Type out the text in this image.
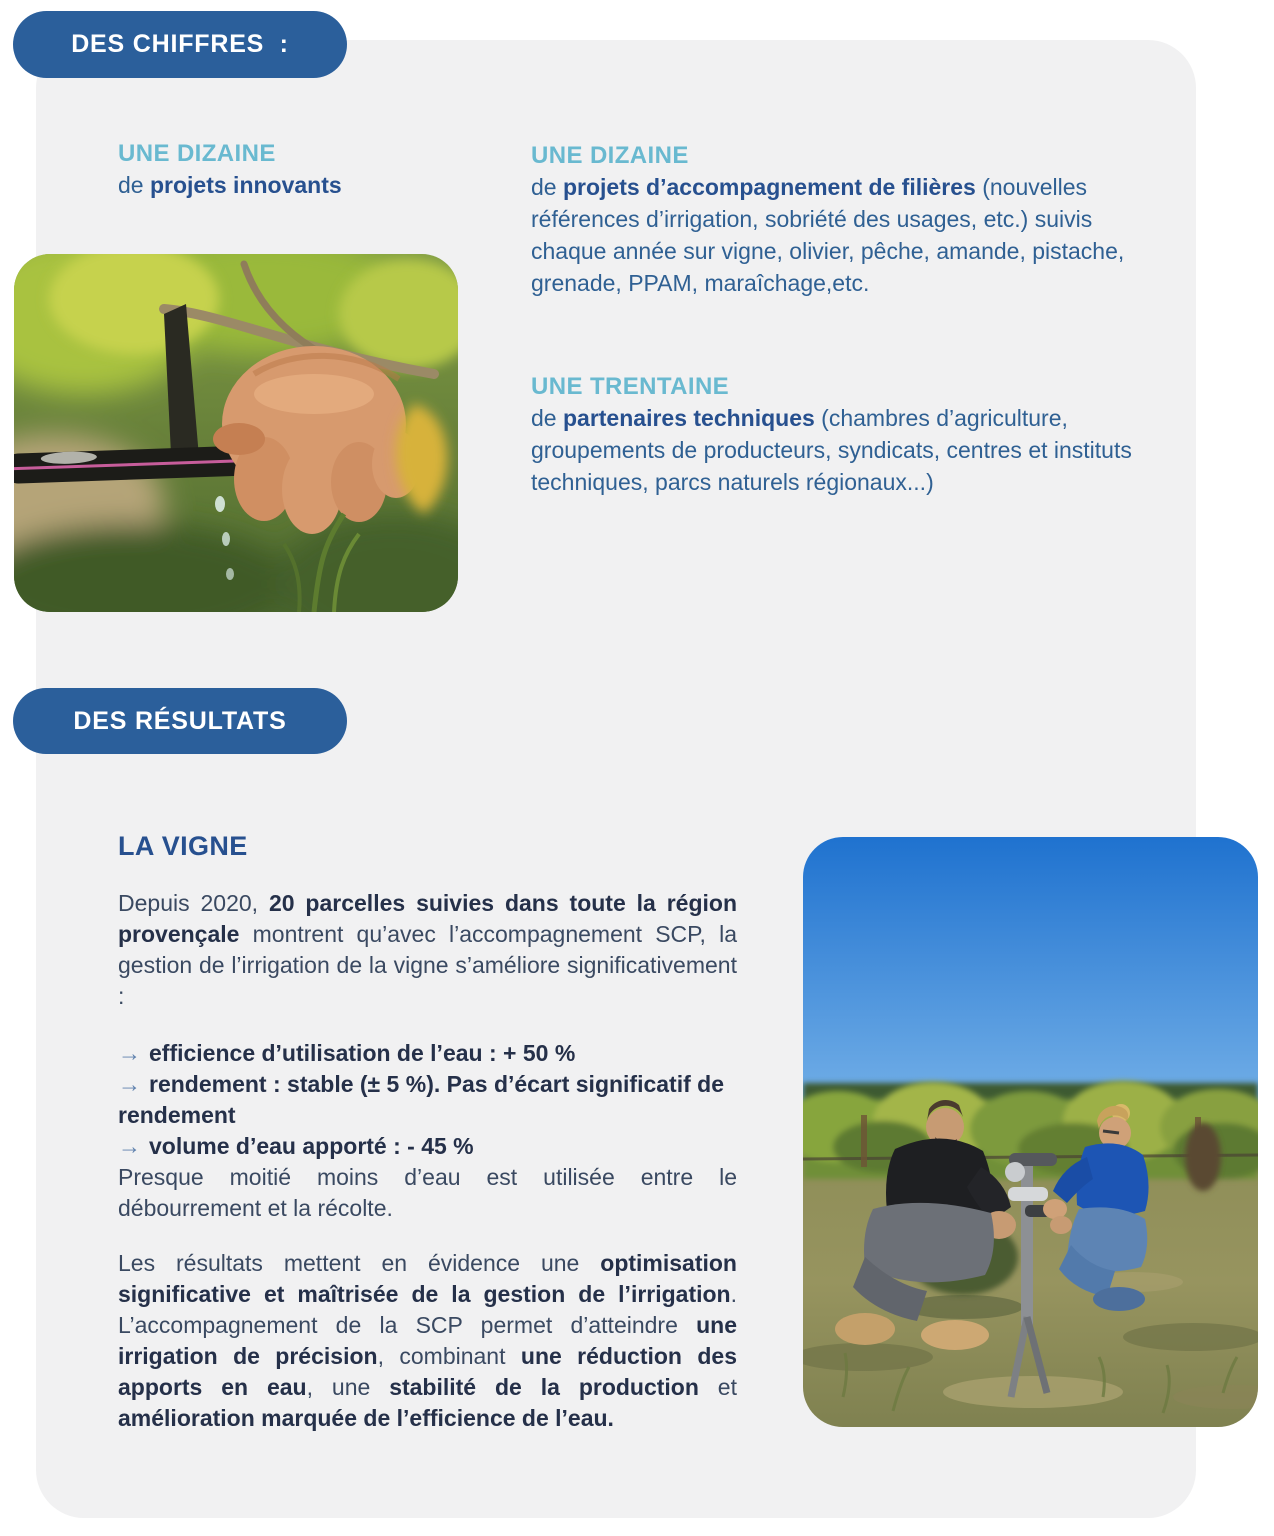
DES CHIFFRES  :
UNE DIZAINE
de projets innovants
UNE DIZAINE
de projets d’accompagnement de filières (nouvelles références d’irrigation, sobriété des usages, etc.) suivis chaque année sur vigne, olivier, pêche, amande, pistache, grenade, PPAM, maraîchage,etc.
UNE TRENTAINE
de partenaires techniques (chambres d’agriculture, groupements de producteurs, syndicats, centres et instituts techniques, parcs naturels régionaux...)
DES RÉSULTATS
LA VIGNE
Depuis 2020, 20 parcelles suivies dans toute la région provençale montrent qu’avec l’accompagnement SCP, la gestion de l’irrigation de la vigne s’améliore significativement :
→ efficience d’utilisation de l’eau : + 50 %
→ rendement : stable (± 5 %). Pas d’écart significatif de rendement
→ volume d’eau apporté : - 45 %
Presque moitié moins d’eau est utilisée entre le débourrement et la récolte.
Les résultats mettent en évidence une optimisation significative et maîtrisée de la gestion de l’irrigation. L’accompagnement de la SCP permet d’atteindre une irrigation de précision, combinant une réduction des apports en eau, une stabilité de la production et amélioration marquée de l’efficience de l’eau.
